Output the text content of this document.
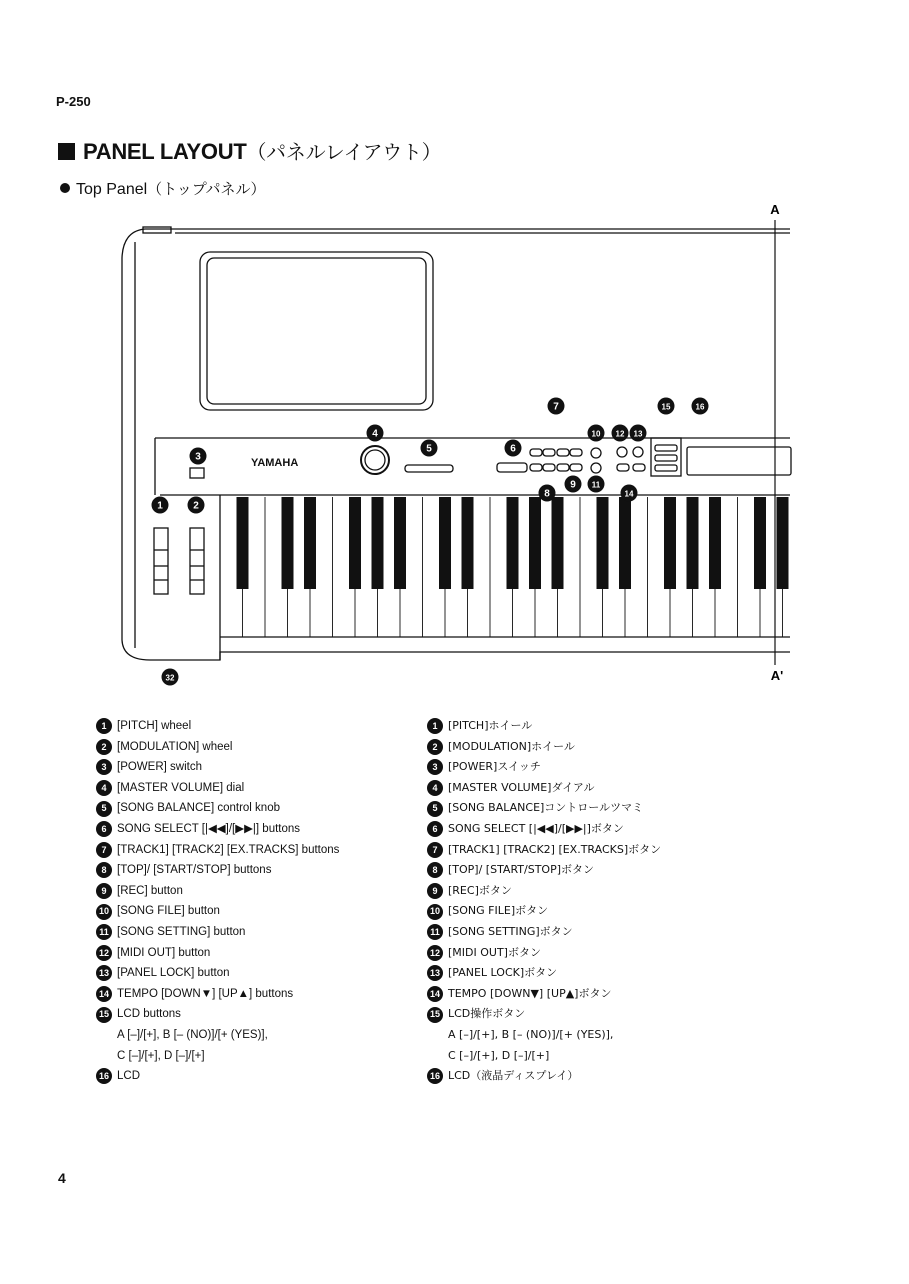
P-250
PANEL LAYOUT（パネルレイアウト）
Top Panel（トップパネル）
YAMAHA
1	2
3
4
5	6
7
8
9
10
11
12 13
14
15	16
32
A
A'
1 [PITCH] wheel
2 [MODULATION] wheel
3 [POWER] switch
4 [MASTER VOLUME] dial
5 [SONG BALANCE] control knob
6 SONG SELECT [|◀◀]/[▶▶|] buttons
7 [TRACK1] [TRACK2] [EX.TRACKS] buttons
8 [TOP]/ [START/STOP] buttons
9 [REC] button
10 [SONG FILE] button
11 [SONG SETTING] button
12 [MIDI OUT] button
13 [PANEL LOCK] button
14 TEMPO [DOWN▼] [UP▲] buttons
15 LCD buttons
A [–]/[+], B [– (NO)]/[+ (YES)],
C [–]/[+], D [–]/[+]
16 LCD
1 [PITCH]ホイール
2 [MODULATION]ホイール
3 [POWER]スイッチ
4 [MASTER VOLUME]ダイアル
5 [SONG BALANCE]コントロールツマミ
6 SONG SELECT [|◀◀]/[▶▶|]ボタン
7 [TRACK1] [TRACK2] [EX.TRACKS]ボタン
8 [TOP]/ [START/STOP]ボタン
9 [REC]ボタン
10 [SONG FILE]ボタン
11 [SONG SETTING]ボタン
12 [MIDI OUT]ボタン
13 [PANEL LOCK]ボタン
14 TEMPO [DOWN▼] [UP▲]ボタン
15 LCD操作ボタン
A [–]/[+], B [– (NO)]/[+ (YES)],
C [–]/[+], D [–]/[+]
16 LCD（液晶ディスプレイ）
4
